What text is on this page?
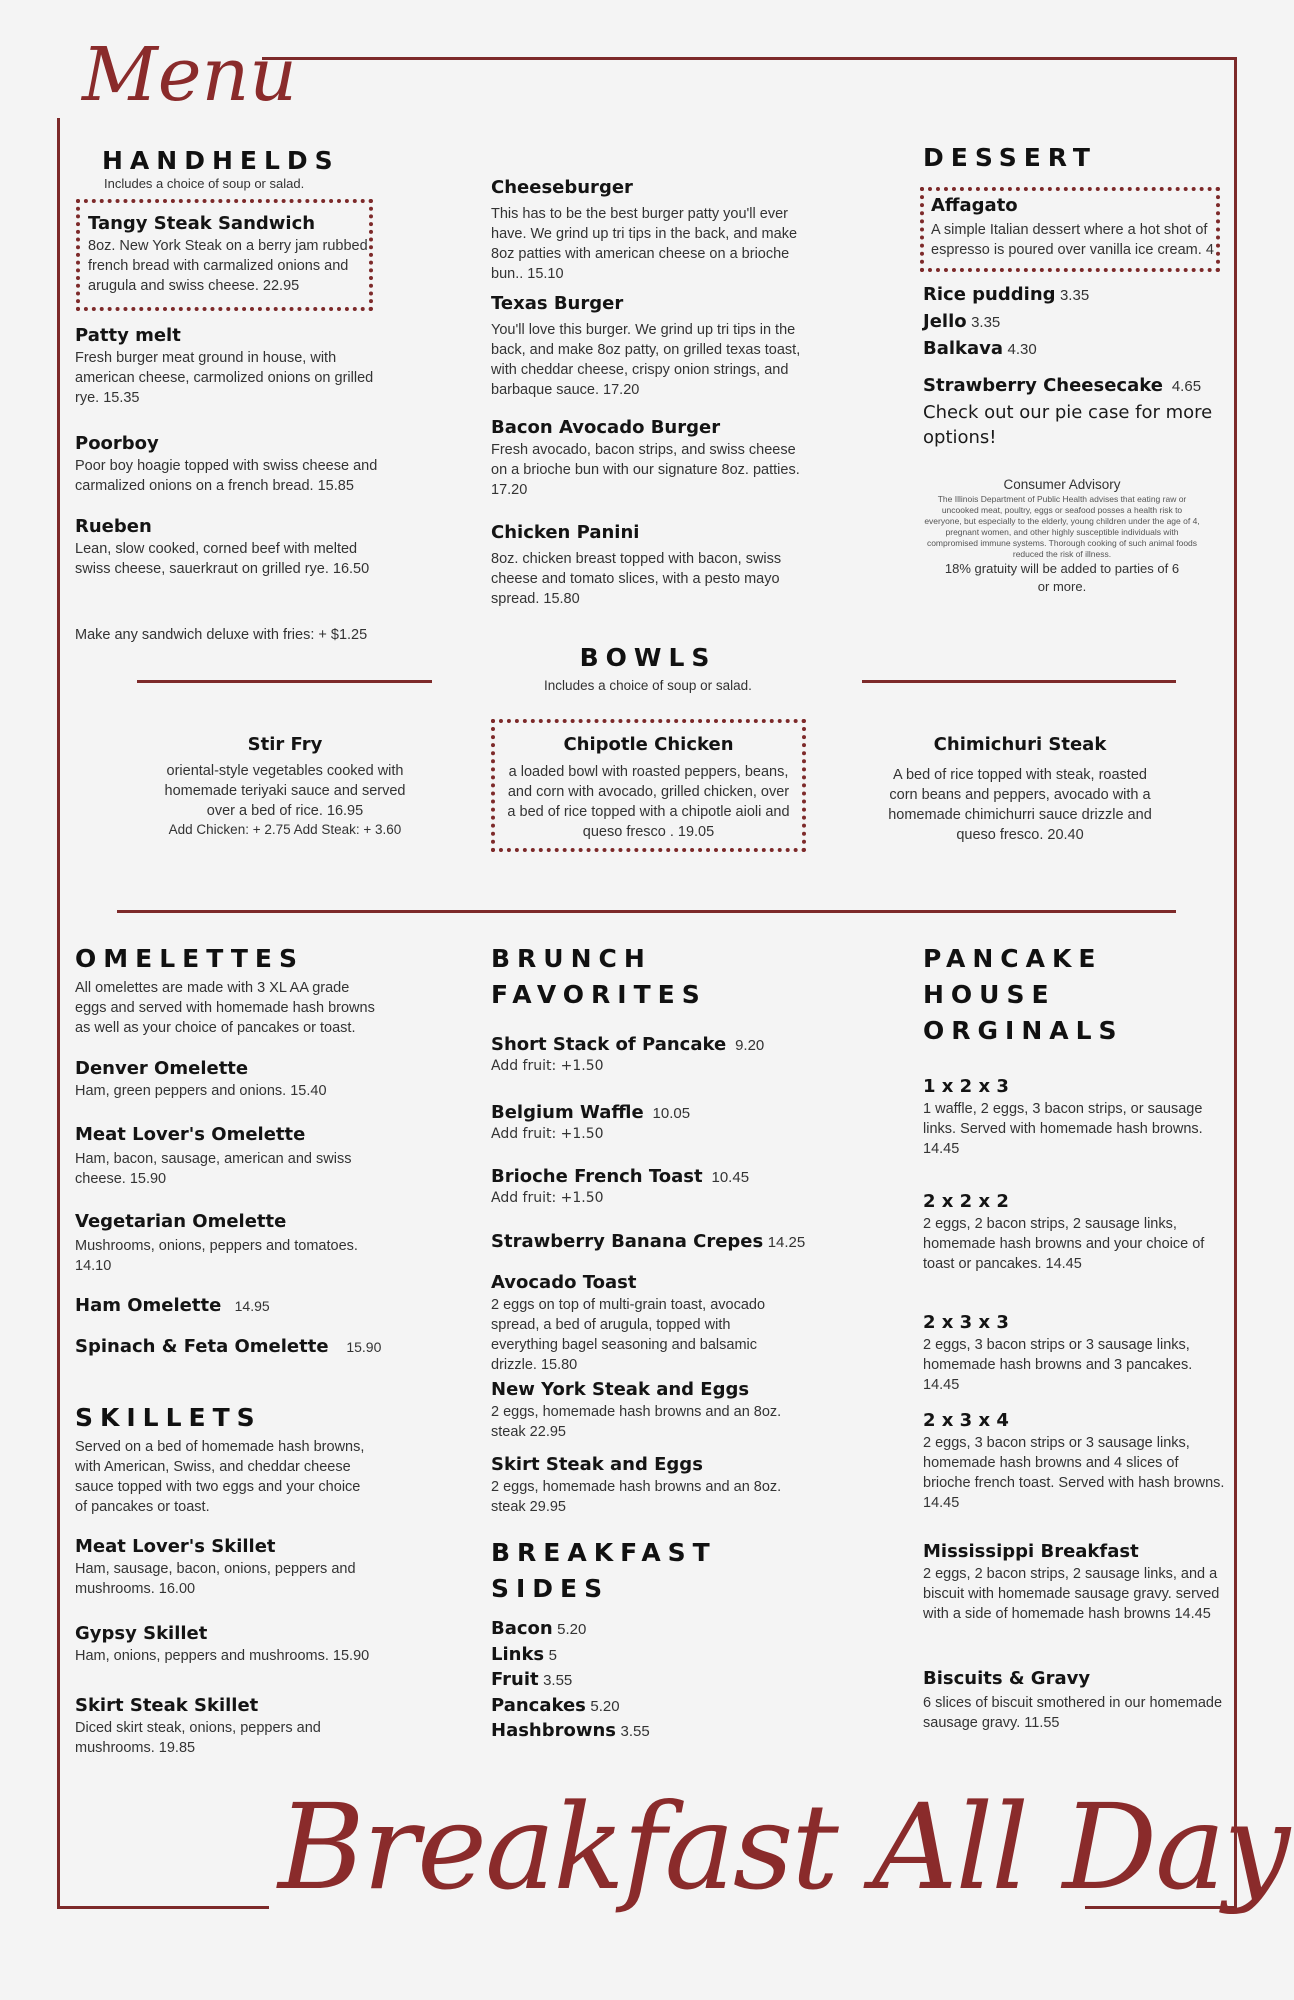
Menu
Breakfast All Day
HANDHELDS
Includes a choice of soup or salad.
Tangy Steak Sandwich
8oz. New York Steak on a berry jam rubbed french bread with carmalized onions and arugula and swiss cheese. 22.95
Patty melt
Fresh burger meat ground in house, with american cheese, carmolized onions on grilled rye. 15.35
Poorboy
Poor boy hoagie topped with swiss cheese and carmalized onions on a french bread. 15.85
Rueben
Lean, slow cooked, corned beef with melted swiss cheese, sauerkraut on grilled rye. 16.50
Make any sandwich deluxe with fries: + $1.25
Cheeseburger
This has to be the best burger patty you'll ever have. We grind up tri tips in the back, and make 8oz patties with american cheese on a brioche bun.. 15.10
Texas Burger
You'll love this burger. We grind up tri tips in the back, and make 8oz patty, on grilled texas toast, with cheddar cheese, crispy onion strings, and barbaque sauce. 17.20
Bacon Avocado Burger
Fresh avocado, bacon strips, and swiss cheese on a brioche bun with our signature 8oz. patties. 17.20
Chicken Panini
8oz. chicken breast topped with bacon, swiss cheese and tomato slices, with a pesto mayo spread. 15.80
DESSERT
Affagato
A simple Italian dessert where a hot shot of espresso is poured over vanilla ice cream. 4
Rice pudding 3.35
Jello 3.35
Balkava 4.30
Strawberry Cheesecake 4.65
Check out our pie case for more options!
Consumer Advisory
The Illinois Department of Public Health advises that eating raw or uncooked meat, poultry, eggs or seafood posses a health risk to everyone, but especially to the elderly, young children under the age of 4, pregnant women, and other highly susceptible individuals with compromised immune systems. Thorough cooking of such animal foods reduced the risk of illness.
18% gratuity will be added to parties of 6 or more.
BOWLS
Includes a choice of soup or salad.
Stir Fry
oriental-style vegetables cooked with homemade teriyaki sauce and served over a bed of rice. 16.95
Add Chicken: + 2.75 Add Steak: + 3.60
Chipotle Chicken
a loaded bowl with roasted peppers, beans, and corn with avocado, grilled chicken, over a bed of rice topped with a chipotle aioli and queso fresco . 19.05
Chimichuri Steak
A bed of rice topped with steak, roasted corn beans and peppers, avocado with a homemade chimichurri sauce drizzle and queso fresco. 20.40
OMELETTES
All omelettes are made with 3 XL AA grade eggs and served with homemade hash browns as well as your choice of pancakes or toast.
Denver Omelette
Ham, green peppers and onions. 15.40
Meat Lover's Omelette
Ham, bacon, sausage, american and swiss cheese. 15.90
Vegetarian Omelette
Mushrooms, onions, peppers and tomatoes. 14.10
Ham Omelette 14.95
Spinach & Feta Omelette 15.90
SKILLETS
Served on a bed of homemade hash browns, with American, Swiss, and cheddar cheese sauce topped with two eggs and your choice of pancakes or toast.
Meat Lover's Skillet
Ham, sausage, bacon, onions, peppers and mushrooms. 16.00
Gypsy Skillet
Ham, onions, peppers and mushrooms. 15.90
Skirt Steak Skillet
Diced skirt steak, onions, peppers and mushrooms. 19.85
BRUNCH
FAVORITES
Short Stack of Pancake 9.20
Add fruit: +1.50
Belgium Waffle 10.05
Add fruit: +1.50
Brioche French Toast 10.45
Add fruit: +1.50
Strawberry Banana Crepes 14.25
Avocado Toast
2 eggs on top of multi-grain toast, avocado spread, a bed of arugula, topped with everything bagel seasoning and balsamic drizzle. 15.80
New York Steak and Eggs
2 eggs, homemade hash browns and an 8oz. steak 22.95
Skirt Steak and Eggs
2 eggs, homemade hash browns and an 8oz. steak 29.95
BREAKFAST
SIDES
Bacon 5.20
Links 5
Fruit 3.55
Pancakes 5.20
Hashbrowns 3.55
PANCAKE
HOUSE
ORGINALS
1 x 2 x 3
1 waffle, 2 eggs, 3 bacon strips, or sausage links. Served with homemade hash browns. 14.45
2 x 2 x 2
2 eggs, 2 bacon strips, 2 sausage links, homemade hash browns and your choice of toast or pancakes. 14.45
2 x 3 x 3
2 eggs, 3 bacon strips or 3 sausage links, homemade hash browns and 3 pancakes. 14.45
2 x 3 x 4
2 eggs, 3 bacon strips or 3 sausage links, homemade hash browns and 4 slices of brioche french toast. Served with hash browns. 14.45
Mississippi Breakfast
2 eggs, 2 bacon strips, 2 sausage links, and a biscuit with homemade sausage gravy. served with a side of homemade hash browns 14.45
Biscuits & Gravy
6 slices of biscuit smothered in our homemade sausage gravy. 11.55
